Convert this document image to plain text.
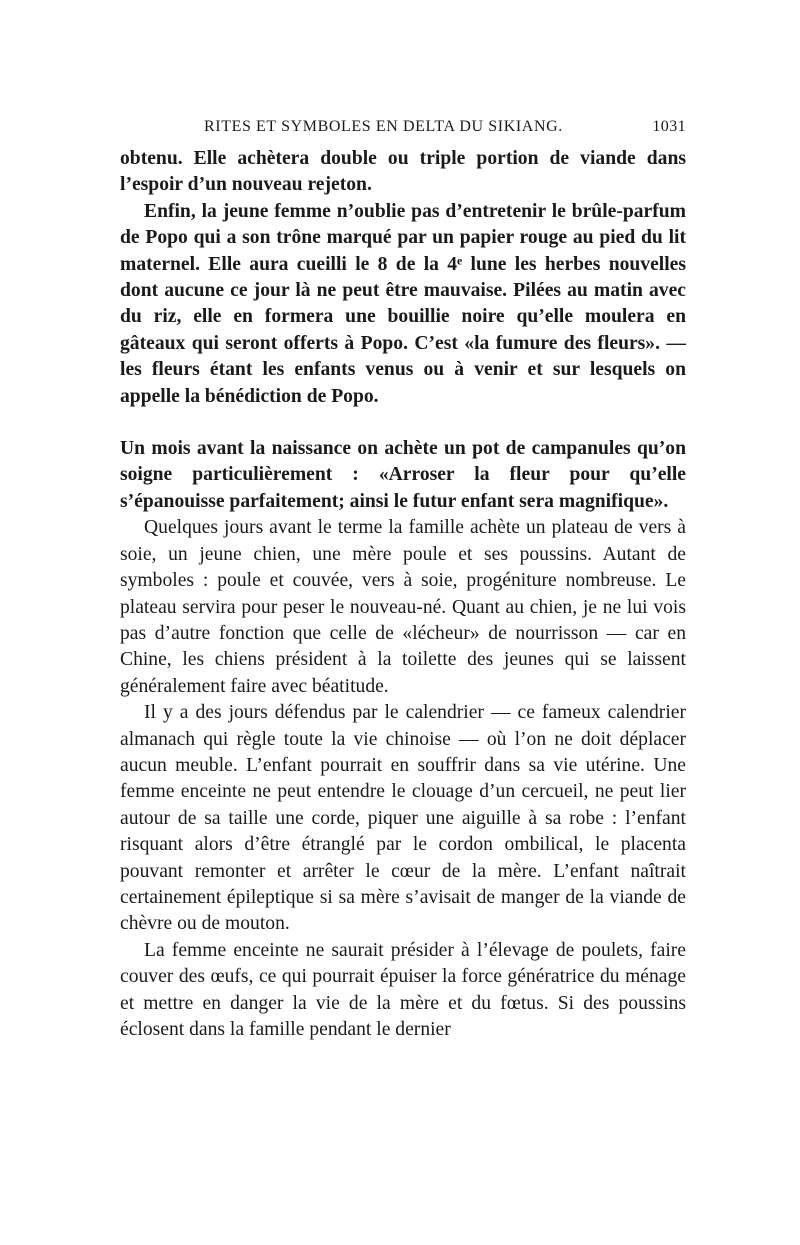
RITES ET SYMBOLES EN DELTA DU SIKIANG.	1031

obtenu. Elle achètera double ou triple portion de viande dans l’espoir d’un nouveau rejeton.

Enfin, la jeune femme n’oublie pas d’entretenir le brûle-parfum de Popo qui a son trône marqué par un papier rouge au pied du lit maternel. Elle aura cueilli le 8 de la 4ᵉ lune les herbes nouvelles dont aucune ce jour là ne peut être mauvaise. Pilées au matin avec du riz, elle en formera une bouillie noire qu’elle moulera en gâteaux qui seront offerts à Popo. C’est «la fumure des fleurs». — les fleurs étant les enfants venus ou à venir et sur lesquels on appelle la bénédiction de Popo.

Un mois avant la naissance on achète un pot de campanules qu’on soigne particulièrement : «Arroser la fleur pour qu’elle s’épanouisse parfaitement; ainsi le futur enfant sera magnifique».

Quelques jours avant le terme la famille achète un plateau de vers à soie, un jeune chien, une mère poule et ses poussins. Autant de symboles : poule et couvée, vers à soie, progéniture nombreuse. Le plateau servira pour peser le nouveau-né. Quant au chien, je ne lui vois pas d’autre fonction que celle de «lécheur» de nourrisson — car en Chine, les chiens président à la toilette des jeunes qui se laissent généralement faire avec béatitude.

Il y a des jours défendus par le calendrier — ce fameux calendrier almanach qui règle toute la vie chinoise — où l’on ne doit déplacer aucun meuble. L’enfant pourrait en souffrir dans sa vie utérine. Une femme enceinte ne peut entendre le clouage d’un cercueil, ne peut lier autour de sa taille une corde, piquer une aiguille à sa robe : l’enfant risquant alors d’être étranglé par le cordon ombilical, le placenta pouvant remonter et arrêter le cœur de la mère. L’enfant naîtrait certainement épileptique si sa mère s’avisait de manger de la viande de chèvre ou de mouton.

La femme enceinte ne saurait présider à l’élevage de poulets, faire couver des œufs, ce qui pourrait épuiser la force génératrice du ménage et mettre en danger la vie de la mère et du fœtus. Si des poussins éclosent dans la famille pendant le dernier
